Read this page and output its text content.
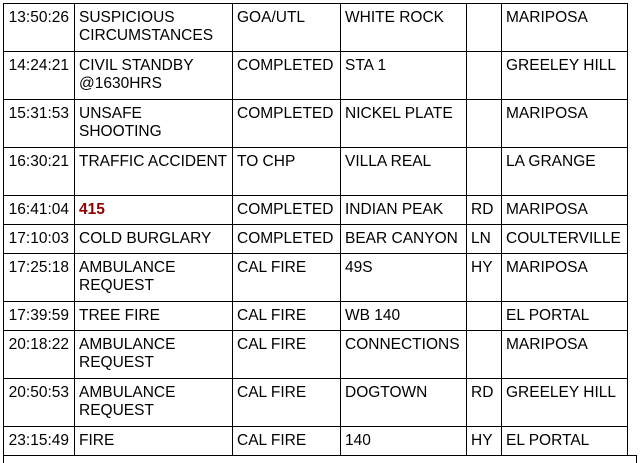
13:50:26	SUSPICIOUS CIRCUMSTANCES	GOA/UTL	WHITE ROCK		MARIPOSA
14:24:21	CIVIL STANDBY @1630HRS	COMPLETED	STA 1		GREELEY HILL
15:31:53	UNSAFE SHOOTING	COMPLETED	NICKEL PLATE		MARIPOSA
16:30:21	TRAFFIC ACCIDENT	TO CHP	VILLA REAL		LA GRANGE
16:41:04	415	COMPLETED	INDIAN PEAK	RD	MARIPOSA
17:10:03	COLD BURGLARY	COMPLETED	BEAR CANYON	LN	COULTERVILLE
17:25:18	AMBULANCE REQUEST	CAL FIRE	49S	HY	MARIPOSA
17:39:59	TREE FIRE	CAL FIRE	WB 140		EL PORTAL
20:18:22	AMBULANCE REQUEST	CAL FIRE	CONNECTIONS		MARIPOSA
20:50:53	AMBULANCE REQUEST	CAL FIRE	DOGTOWN	RD	GREELEY HILL
23:15:49	FIRE	CAL FIRE	140	HY	EL PORTAL
